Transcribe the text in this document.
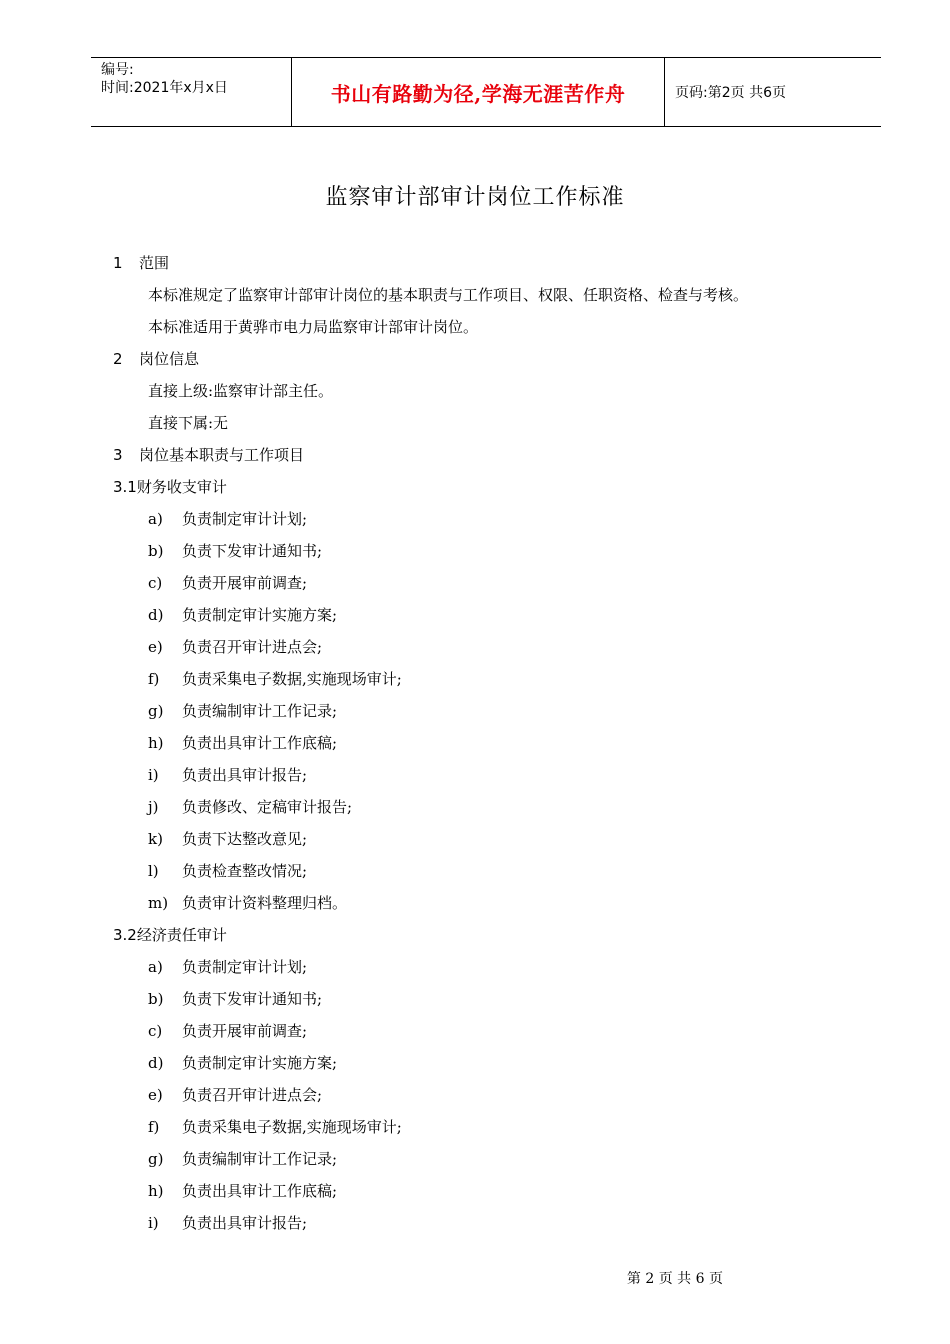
编号:
时间:2021年x月x日	书山有路勤为径,学海无涯苦作舟	页码:第2页 共6页
监察审计部审计岗位工作标准
1 范围
本标准规定了监察审计部审计岗位的基本职责与工作项目、权限、任职资格、检查与考核。
本标准适用于黄骅市电力局监察审计部审计岗位。
2 岗位信息
直接上级:监察审计部主任。
直接下属:无
3 岗位基本职责与工作项目
3.1财务收支审计
a) 负责制定审计计划;
b) 负责下发审计通知书;
c) 负责开展审前调查;
d) 负责制定审计实施方案;
e) 负责召开审计进点会;
f) 负责采集电子数据,实施现场审计;
g) 负责编制审计工作记录;
h) 负责出具审计工作底稿;
i) 负责出具审计报告;
j) 负责修改、定稿审计报告;
k) 负责下达整改意见;
l) 负责检查整改情况;
m) 负责审计资料整理归档。
3.2经济责任审计
a) 负责制定审计计划;
b) 负责下发审计通知书;
c) 负责开展审前调查;
d) 负责制定审计实施方案;
e) 负责召开审计进点会;
f) 负责采集电子数据,实施现场审计;
g) 负责编制审计工作记录;
h) 负责出具审计工作底稿;
i) 负责出具审计报告;
第 2 页 共 6 页
